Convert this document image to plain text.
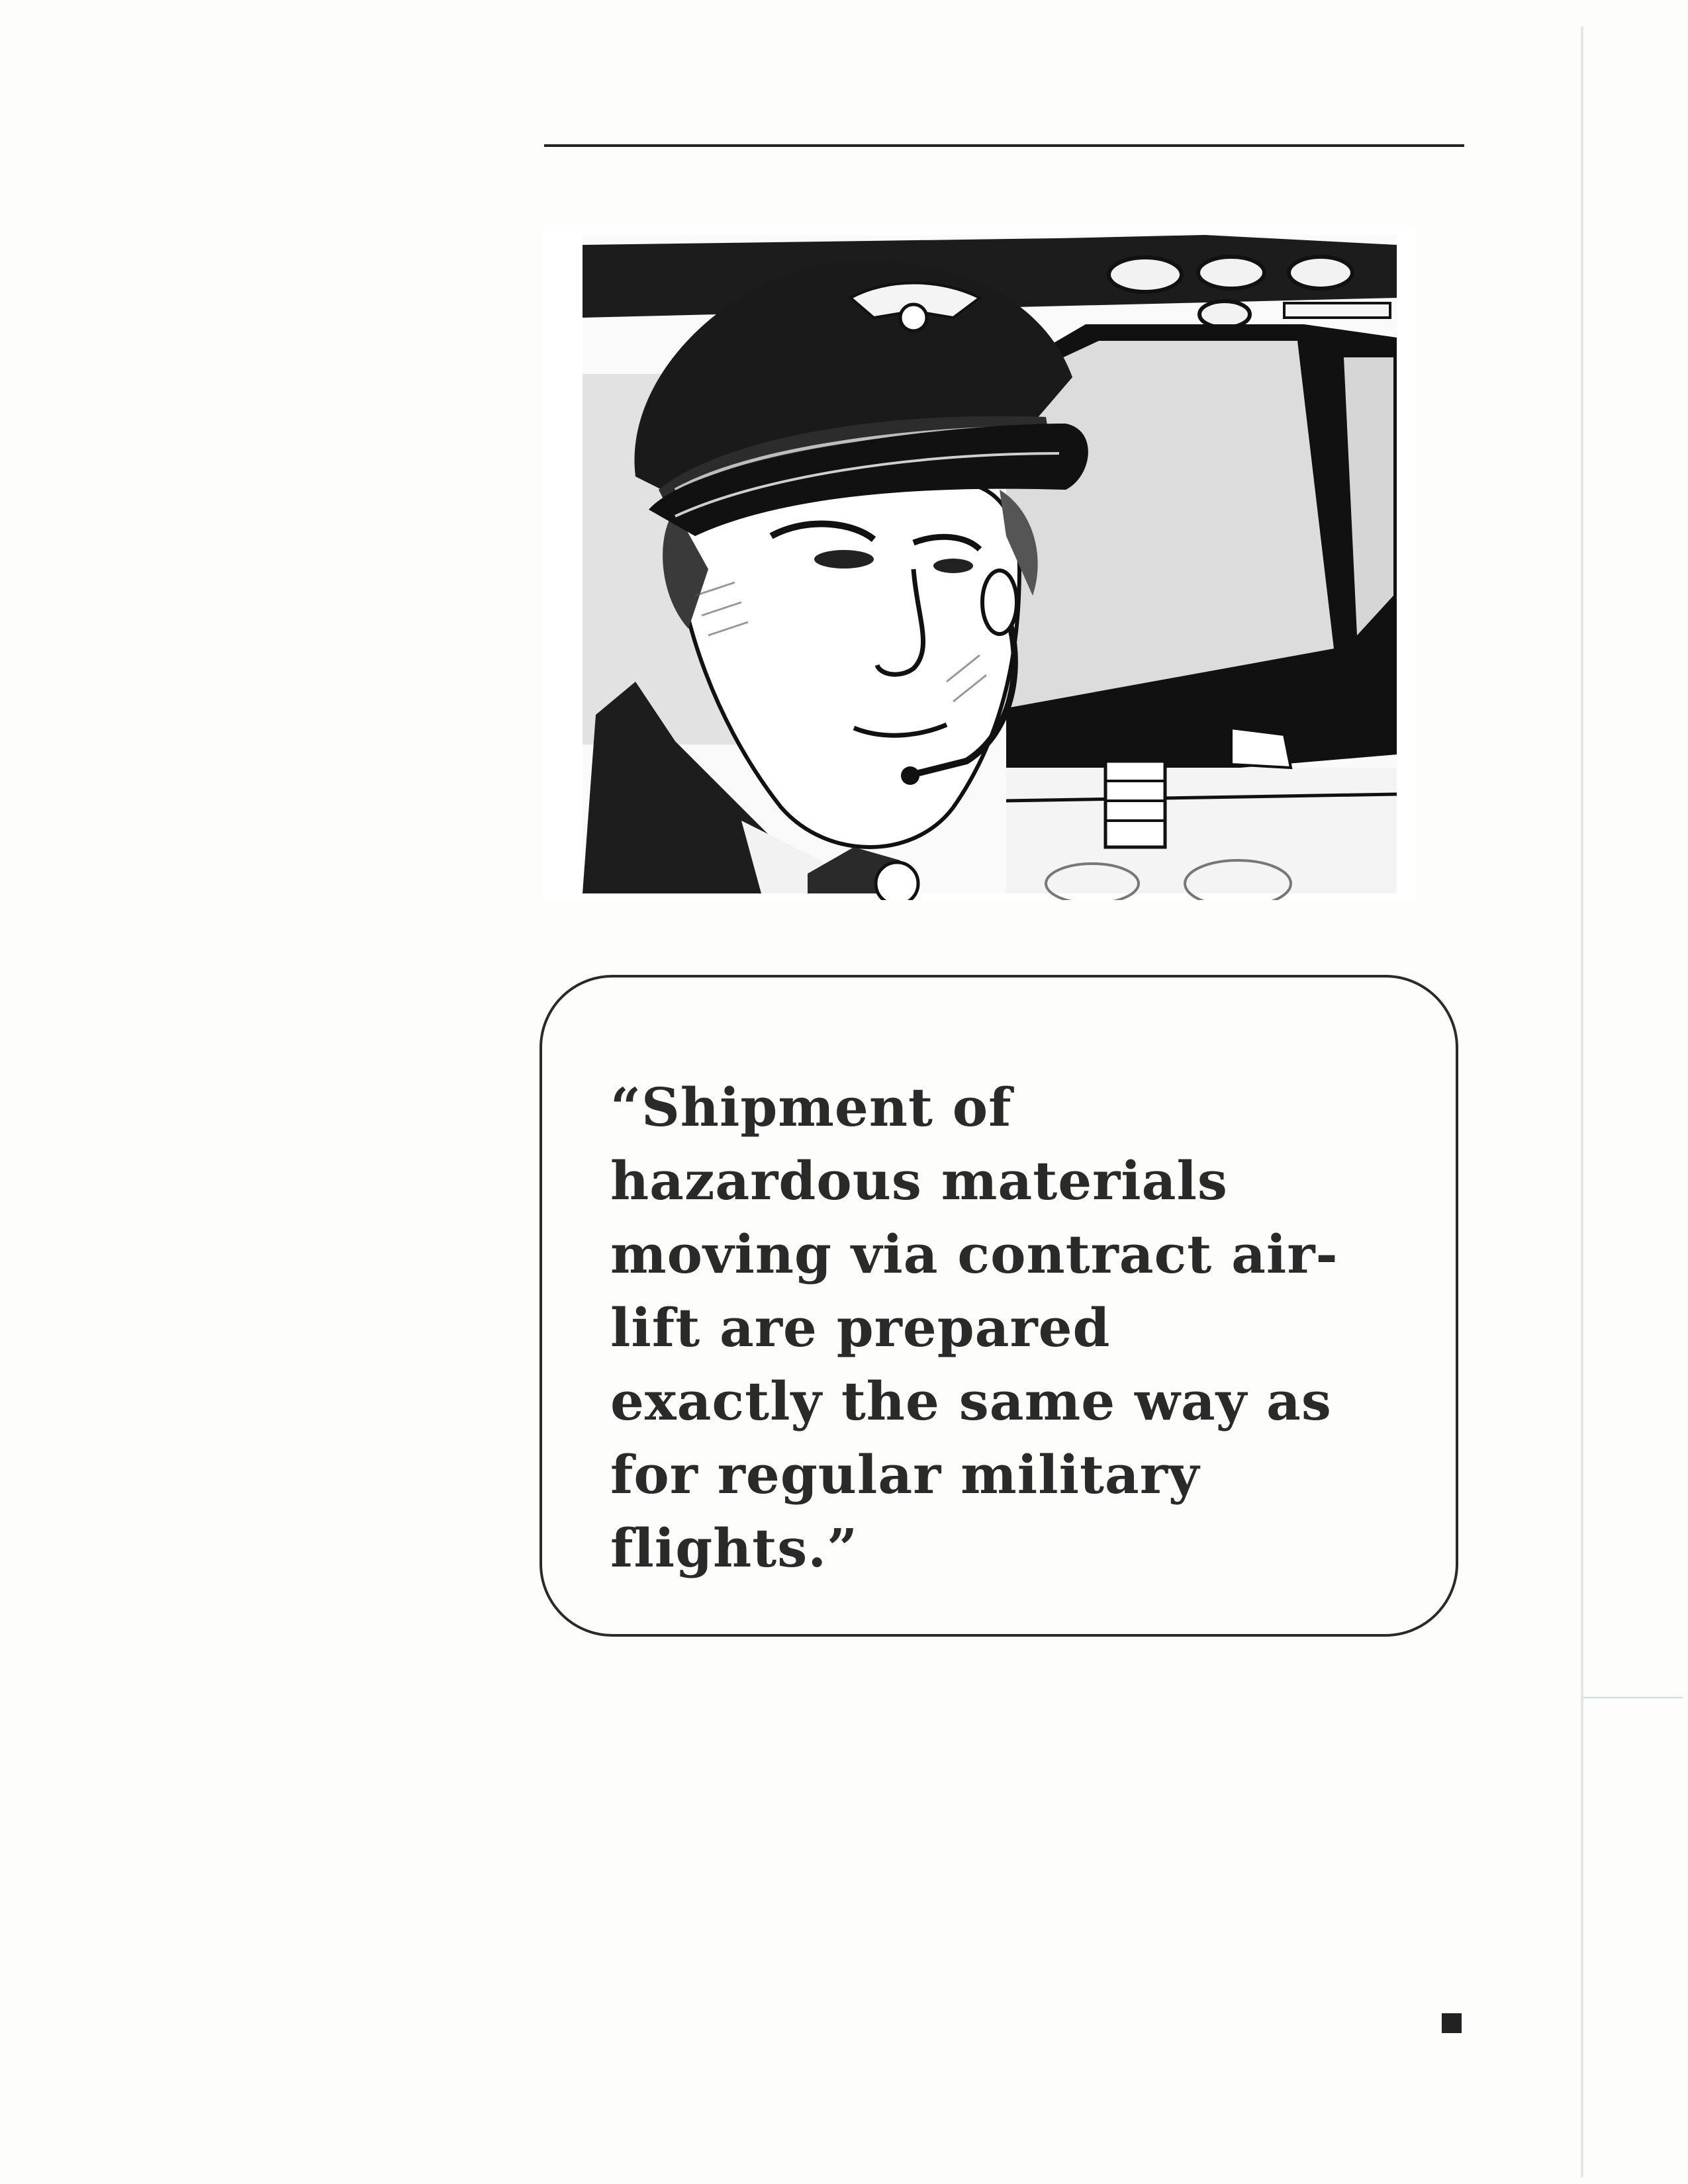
“Shipment of
hazardous materials
moving via contract air-
lift are prepared
exactly the same way as
for regular military
flights.”
